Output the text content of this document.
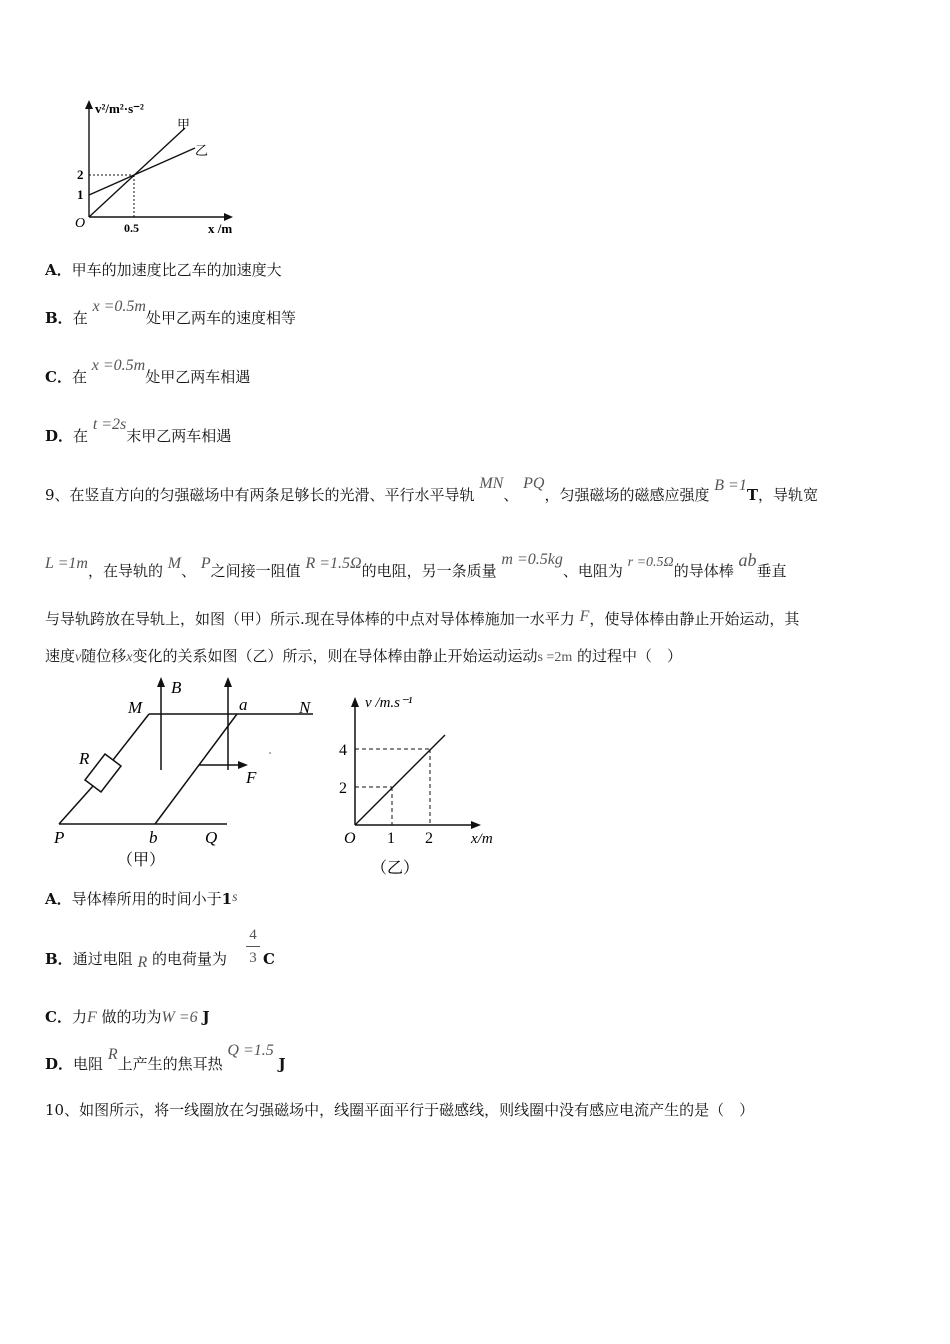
v²/m²·s⁻²
甲
乙
2
1
O	0.5	x /m
A．甲车的加速度比乙车的加速度大
B．在 x =0.5m处甲乙两车的速度相等
C．在 x =0.5m处甲乙两车相遇
D．在 t =2s末甲乙两车相遇
9、在竖直方向的匀强磁场中有两条足够长的光滑、平行水平导轨 MN、 PQ，匀强磁场的磁感应强度 B =1T，导轨宽
L =1m，在导轨的 M、 P之间接一阻值 R =1.5Ω的电阻，另一条质量 m =0.5kg、电阻为 r =0.5Ω的导体棒 ab垂直
与导轨跨放在导轨上，如图（甲）所示.现在导体棒的中点对导体棒施加一水平力 F，使导体棒由静止开始运动，其
速度v随位移x变化的关系如图（乙）所示，则在导体棒由静止开始运动运动s =2m 的过程中（　）
M	N
a
R
B
F
P	b	Q
（甲）
v /m.s⁻¹
4
2
O 1 2	x/m
（乙）
A．导体棒所用的时间小于1s
B．通过电阻 R 的电荷量为
4
3 C
C．力F 做的功为W =6 J
D．电阻 R上产生的焦耳热 Q =1.5 J
10、如图所示，将一线圈放在匀强磁场中，线圈平面平行于磁感线，则线圈中没有感应电流产生的是（　）
